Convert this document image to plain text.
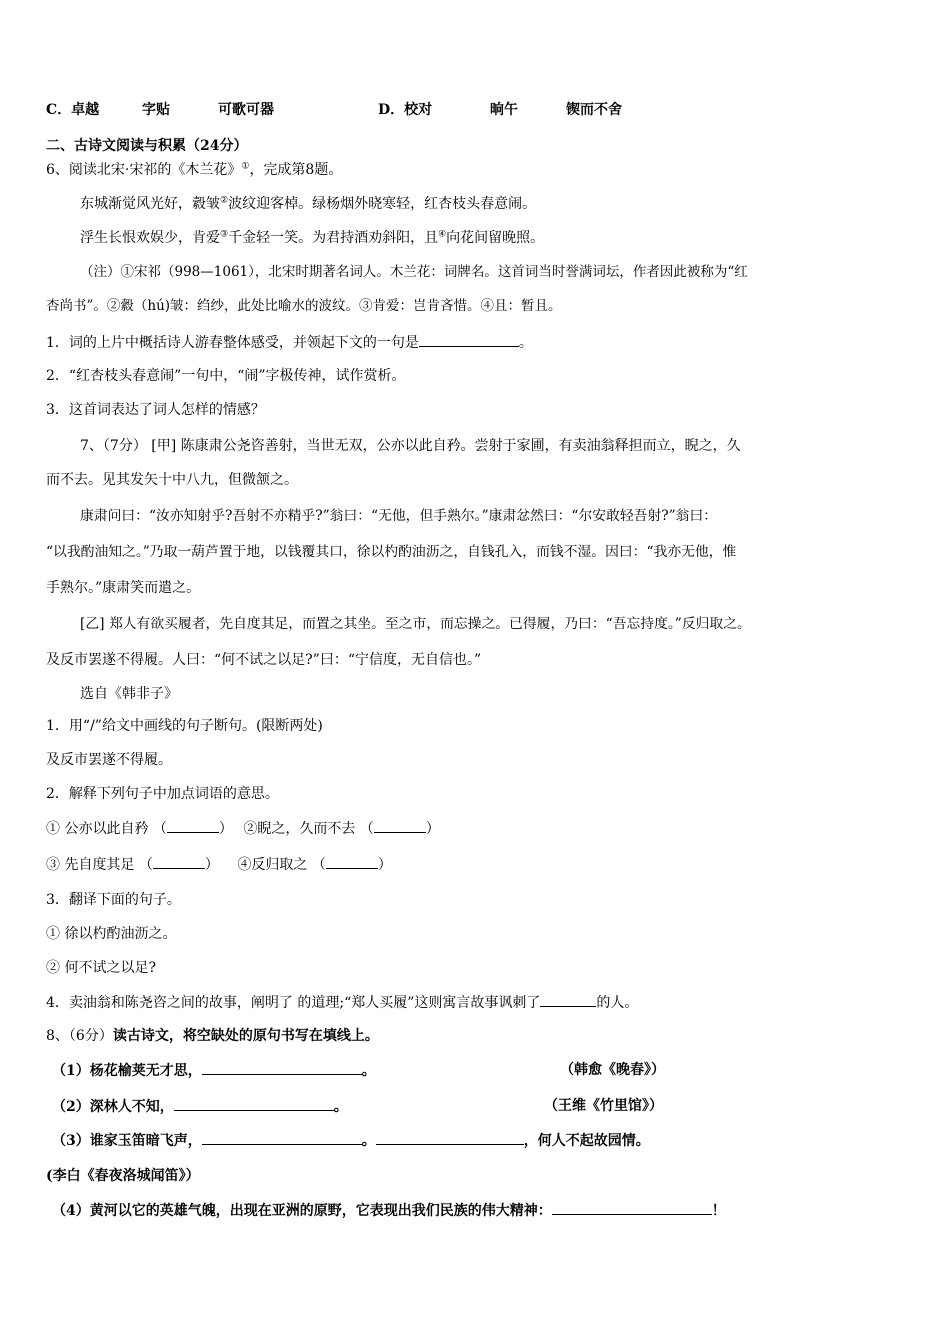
C．卓越	字贴	可歌可器	D．校对	晌午	锲而不舍
二、古诗文阅读与积累（24分）
6、阅读北宋·宋祁的《木兰花》①，完成第8题。
东城渐觉风光好，縠皱②波纹迎客棹。绿杨烟外晓寒轻，红杏枝头春意闹。
浮生长恨欢娱少，肯爱③千金轻一笑。为君持酒劝斜阳，且④向花间留晚照。
（注）①宋祁（998—1061），北宋时期著名词人。木兰花：词牌名。这首词当时誉满词坛，作者因此被称为“红
杏尚书”。②縠（hú)皱：绉纱，此处比喻水的波纹。③肯爱：岂肯吝惜。④且：暂且。
1．词的上片中概括诗人游春整体感受，并领起下文的一句是	。
2．“红杏枝头春意闹”一句中，“闹”字极传神，试作赏析。
3．这首词表达了词人怎样的情感？
7、（7分） [甲] 陈康肃公尧咨善射，当世无双，公亦以此自矜。尝射于家圃，有卖油翁释担而立，睨之，久
而不去。见其发矢十中八九，但微颔之。
康肃问曰：“汝亦知射乎?吾射不亦精乎?”翁曰：“无他，但手熟尔。”康肃忿然曰：“尔安敢轻吾射?”翁曰：
“以我酌油知之。”乃取一葫芦置于地，以钱覆其口，徐以杓酌油沥之，自钱孔入，而钱不湿。因曰：“我亦无他，惟
手熟尔。”康肃笑而遣之。
[乙] 郑人有欲买履者，先自度其足，而置之其坐。至之市，而忘操之。已得履，乃曰：“吾忘持度。”反归取之。
及反市罢遂不得履。人曰：“何不试之以足?”曰：“宁信度，无自信也。”
选自《韩非子》
1．用“/”给文中画线的句子断句。(限断两处)
及反市罢遂不得履。
2．解释下列句子中加点词语的意思。
① 公亦以此自矜 （	） ②睨之，久而不去 （	）
③ 先自度其足 （	） ④反归取之 （	）
3．翻译下面的句子。
① 徐以杓酌油沥之。
② 何不试之以足?
4．卖油翁和陈尧咨之间的故事，阐明了 的道理;“郑人买履”这则寓言故事讽刺了	的人。
8、（6分）读古诗文，将空缺处的原句书写在填线上。
（1）杨花榆荚无才思，	。	（韩愈《晚春》）
（2）深林人不知，	。	（王维《竹里馆》）
（3）谁家玉笛暗飞声，	。	，何人不起故园情。
(李白《春夜洛城闻笛》）
（4）黄河以它的英雄气魄，出现在亚洲的原野，它表现出我们民族的伟大精神：	！
